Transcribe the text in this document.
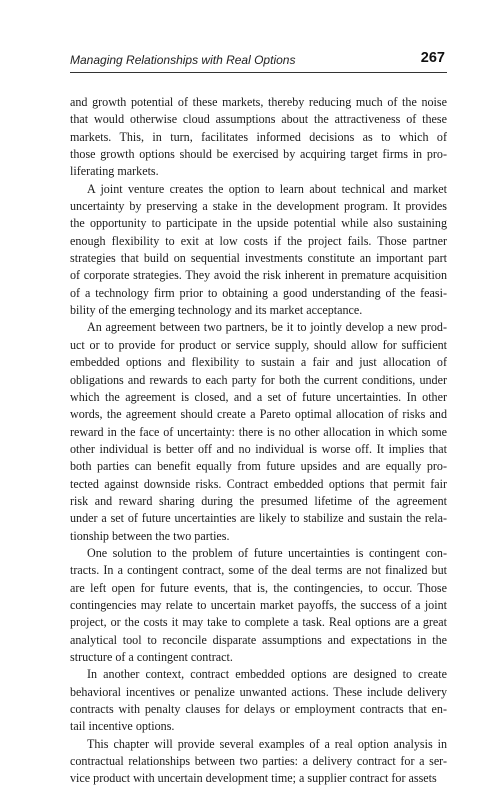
Managing Relationships with Real Options	267
and growth potential of these markets, thereby reducing much of the noise
that would otherwise cloud assumptions about the attractiveness of these
markets. This, in turn, facilitates informed decisions as to which of
those growth options should be exercised by acquiring target firms in pro-
liferating markets.
A joint venture creates the option to learn about technical and market
uncertainty by preserving a stake in the development program. It provides
the opportunity to participate in the upside potential while also sustaining
enough flexibility to exit at low costs if the project fails. Those partner
strategies that build on sequential investments constitute an important part
of corporate strategies. They avoid the risk inherent in premature acquisition
of a technology firm prior to obtaining a good understanding of the feasi-
bility of the emerging technology and its market acceptance.
An agreement between two partners, be it to jointly develop a new prod-
uct or to provide for product or service supply, should allow for sufficient
embedded options and flexibility to sustain a fair and just allocation of
obligations and rewards to each party for both the current conditions, under
which the agreement is closed, and a set of future uncertainties. In other
words, the agreement should create a Pareto optimal allocation of risks and
reward in the face of uncertainty: there is no other allocation in which some
other individual is better off and no individual is worse off. It implies that
both parties can benefit equally from future upsides and are equally pro-
tected against downside risks. Contract embedded options that permit fair
risk and reward sharing during the presumed lifetime of the agreement
under a set of future uncertainties are likely to stabilize and sustain the rela-
tionship between the two parties.
One solution to the problem of future uncertainties is contingent con-
tracts. In a contingent contract, some of the deal terms are not finalized but
are left open for future events, that is, the contingencies, to occur. Those
contingencies may relate to uncertain market payoffs, the success of a joint
project, or the costs it may take to complete a task. Real options are a great
analytical tool to reconcile disparate assumptions and expectations in the
structure of a contingent contract.
In another context, contract embedded options are designed to create
behavioral incentives or penalize unwanted actions. These include delivery
contracts with penalty clauses for delays or employment contracts that en-
tail incentive options.
This chapter will provide several examples of a real option analysis in
contractual relationships between two parties: a delivery contract for a ser-
vice product with uncertain development time; a supplier contract for assets
